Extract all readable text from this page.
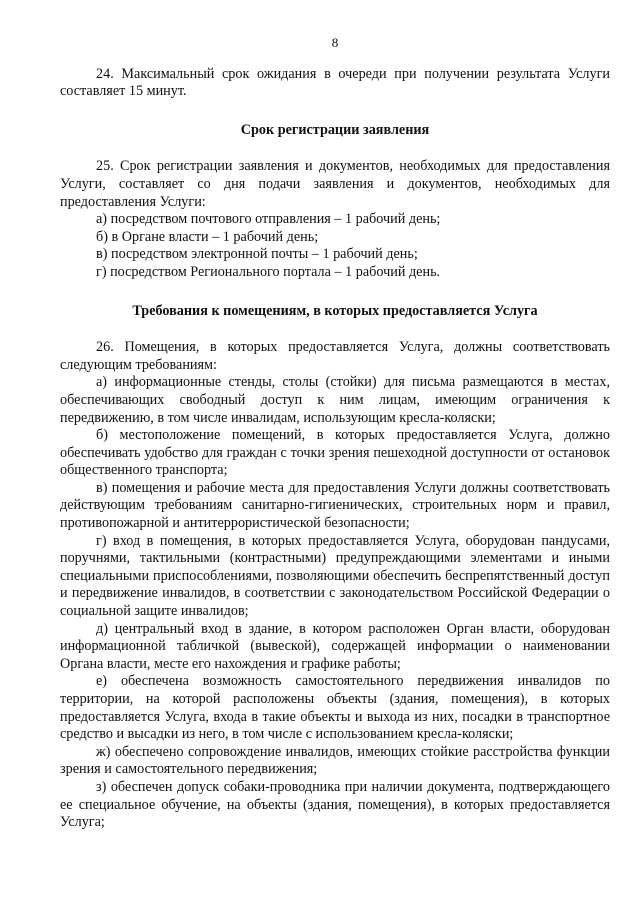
8

24. Максимальный срок ожидания в очереди при получении результата Услуги составляет 15 минут.

Срок регистрации заявления

25. Срок регистрации заявления и документов, необходимых для предоставления Услуги, составляет со дня подачи заявления и документов, необходимых для предоставления Услуги:

а) посредством почтового отправления – 1 рабочий день;

б) в Органе власти – 1 рабочий день;

в) посредством электронной почты – 1 рабочий день;

г) посредством Регионального портала – 1 рабочий день.

Требования к помещениям, в которых предоставляется Услуга

26. Помещения, в которых предоставляется Услуга, должны соответствовать следующим требованиям:

а) информационные стенды, столы (стойки) для письма размещаются в местах, обеспечивающих свободный доступ к ним лицам, имеющим ограничения к передвижению, в том числе инвалидам, использующим кресла-коляски;

б) местоположение помещений, в которых предоставляется Услуга, должно обеспечивать удобство для граждан с точки зрения пешеходной доступности от остановок общественного транспорта;

в) помещения и рабочие места для предоставления Услуги должны соответствовать действующим требованиям санитарно-гигиенических, строительных норм и правил, противопожарной и антитеррористической безопасности;

г) вход в помещения, в которых предоставляется Услуга, оборудован пандусами, поручнями, тактильными (контрастными) предупреждающими элементами и иными специальными приспособлениями, позволяющими обеспечить беспрепятственный доступ и передвижение инвалидов, в соответствии с законодательством Российской Федерации о социальной защите инвалидов;

д) центральный вход в здание, в котором расположен Орган власти, оборудован информационной табличкой (вывеской), содержащей информации о наименовании Органа власти, месте его нахождения и графике работы;

е) обеспечена возможность самостоятельного передвижения инвалидов по территории, на которой расположены объекты (здания, помещения), в которых предоставляется Услуга, входа в такие объекты и выхода из них, посадки в транспортное средство и высадки из него, в том числе с использованием кресла-коляски;

ж) обеспечено сопровождение инвалидов, имеющих стойкие расстройства функции зрения и самостоятельного передвижения;

з) обеспечен допуск собаки-проводника при наличии документа, подтверждающего ее специальное обучение, на объекты (здания, помещения), в которых предоставляется Услуга;
